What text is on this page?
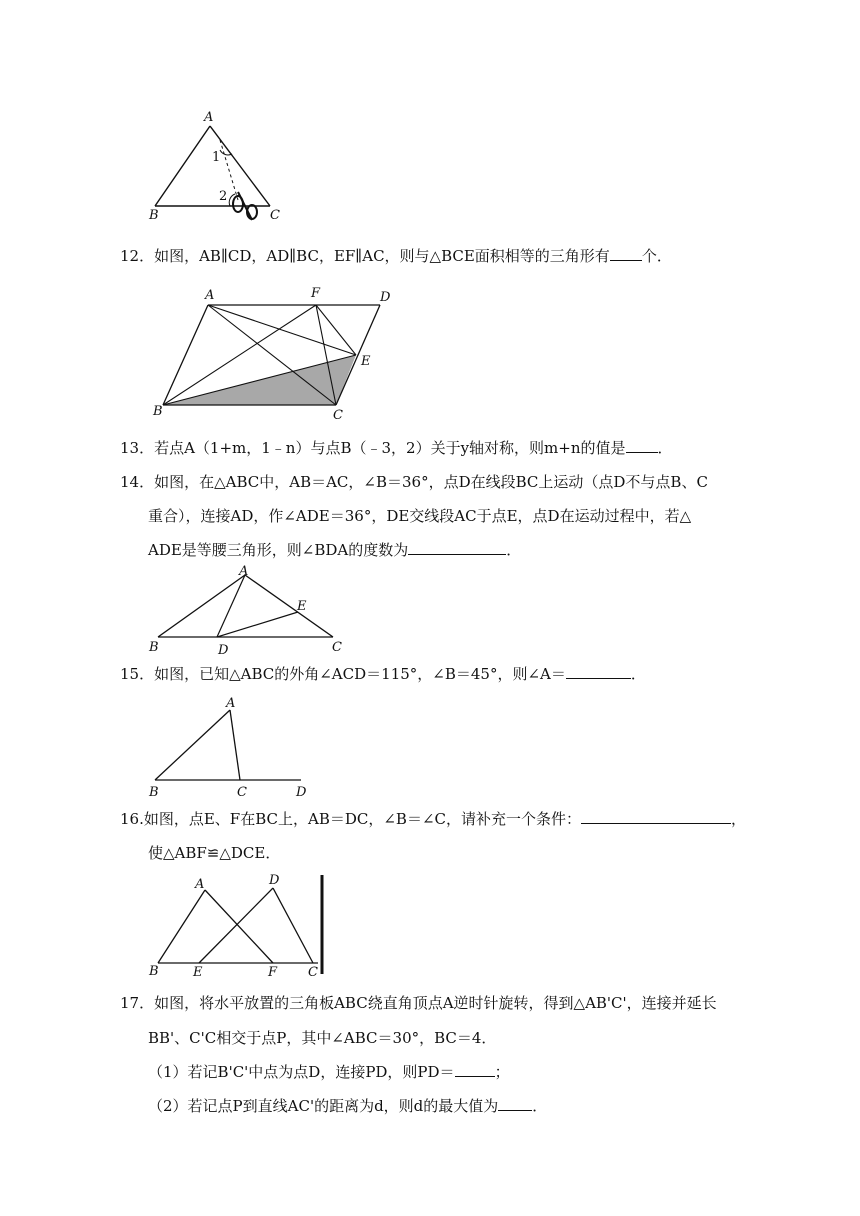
A
B	C
1
2
12．如图，AB∥CD，AD∥BC，EF∥AC，则与△BCE面积相等的三角形有 个．
A	F	D
E
B	C
13．若点A（1+m，1﹣n）与点B（﹣3，2）关于y轴对称，则m+n的值是 ．
14．如图，在△ABC中，AB＝AC，∠B＝36°，点D在线段BC上运动（点D不与点B、C
重合），连接AD，作∠ADE＝36°，DE交线段AC于点E，点D在运动过程中，若△
ADE是等腰三角形，则∠BDA的度数为	．
A
E
B	D	C
15．如图，已知△ABC的外角∠ACD＝115°，∠B＝45°，则∠A＝	．
A
B	C	D
16.如图，点E、F在BC上，AB＝DC，∠B＝∠C，请补充一个条件：	，
使△ABF≌△DCE．
A	D
B	E	F C
17．如图，将水平放置的三角板ABC绕直角顶点A逆时针旋转，得到△AB'C'，连接并延长
BB'、C'C相交于点P，其中∠ABC＝30°，BC＝4．
（1）若记B'C'中点为点D，连接PD，则PD＝	；
（2）若记点P到直线AC'的距离为d，则d的最大值为 ．
